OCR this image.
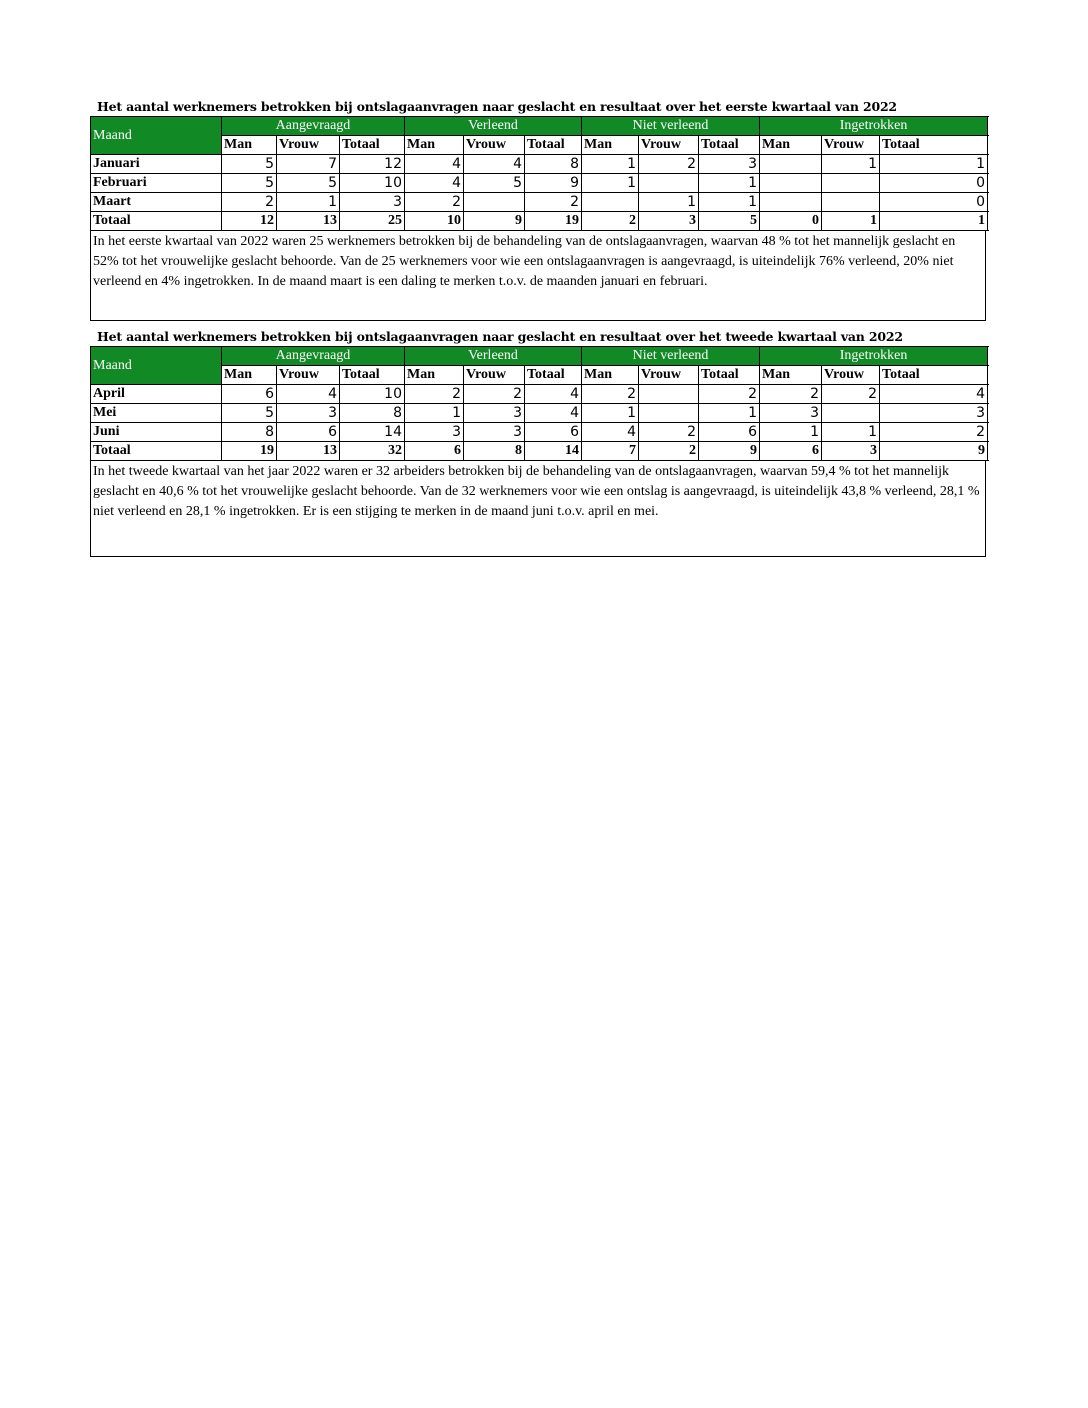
Het aantal werknemers betrokken bij ontslagaanvragen naar geslacht en resultaat over het eerste kwartaal van 2022
Maand	Aangevraagd			Verleend			Niet verleend			Ingetrokken		
	Man	Vrouw	Totaal	Man	Vrouw	Totaal	Man	Vrouw	Totaal	Man	Vrouw	Totaal
Januari	5	7	12	4	4	8	1	2	3		1	1
Februari	5	5	10	4	5	9	1		1			0
Maart	2	1	3	2		2		1	1			0
Totaal	12	13	25	10	9	19	2	3	5	0	1	1
In het eerste kwartaal van 2022 waren 25 werknemers betrokken bij de behandeling van de ontslagaanvragen, waarvan 48 % tot het mannelijk geslacht en 52% tot het vrouwelijke geslacht behoorde. Van de 25 werknemers voor wie een ontslagaanvragen is aangevraagd, is uiteindelijk 76% verleend, 20% niet verleend en 4% ingetrokken. In de maand maart is een daling te merken t.o.v. de maanden januari en februari.
Het aantal werknemers betrokken bij ontslagaanvragen naar geslacht en resultaat over het tweede kwartaal van 2022
Maand	Aangevraagd			Verleend			Niet verleend			Ingetrokken		
	Man	Vrouw	Totaal	Man	Vrouw	Totaal	Man	Vrouw	Totaal	Man	Vrouw	Totaal
April	6	4	10	2	2	4	2		2	2	2	4
Mei	5	3	8	1	3	4	1		1	3		3
Juni	8	6	14	3	3	6	4	2	6	1	1	2
Totaal	19	13	32	6	8	14	7	2	9	6	3	9
In het tweede kwartaal van het jaar 2022 waren er 32 arbeiders betrokken bij de behandeling van de ontslagaanvragen, waarvan 59,4 % tot het mannelijk geslacht en 40,6 % tot het vrouwelijke geslacht behoorde. Van de 32 werknemers voor wie een ontslag is aangevraagd, is uiteindelijk 43,8 % verleend, 28,1 % niet verleend en 28,1 % ingetrokken. Er is een stijging te merken in de maand juni t.o.v. april en mei.
